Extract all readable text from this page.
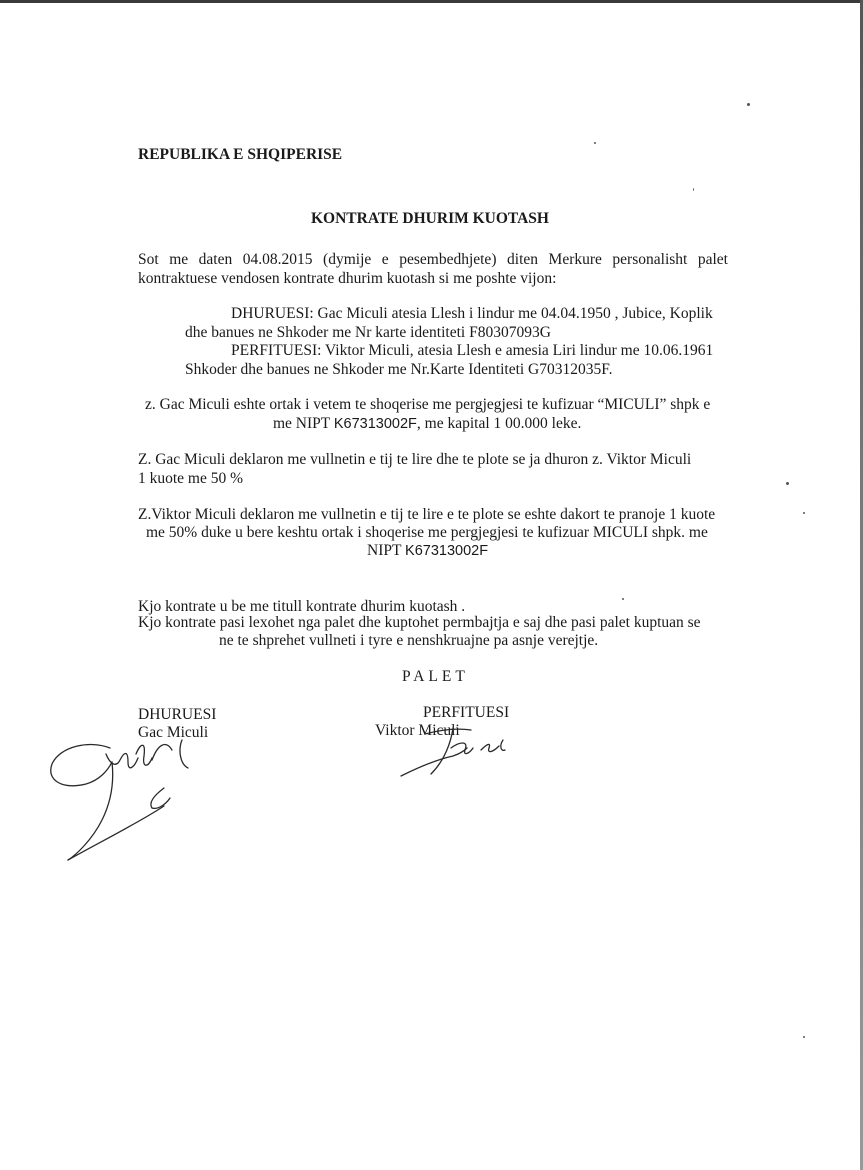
REPUBLIKA E SHQIPERISE
KONTRATE DHURIM KUOTASH
Sot me daten 04.08.2015 (dymije e pesembedhjete) diten Merkure personalisht palet
kontraktuese vendosen kontrate dhurim kuotash si me poshte vijon:
DHURUESI: Gac Miculi atesia Llesh i lindur me 04.04.1950 , Jubice, Koplik
dhe banues ne Shkoder me Nr karte identiteti F80307093G
PERFITUESI: Viktor Miculi, atesia Llesh e amesia Liri lindur me 10.06.1961
Shkoder dhe banues ne Shkoder me Nr.Karte Identiteti G70312035F.
z. Gac Miculi eshte ortak i vetem te shoqerise me pergjegjesi te kufizuar “MICULI” shpk e
me NIPT K67313002F, me kapital 1 00.000 leke.
Z. Gac Miculi deklaron me vullnetin e tij te lire dhe te plote se ja dhuron z. Viktor Miculi
1 kuote me 50 %
Z.Viktor Miculi deklaron me vullnetin e tij te lire e te plote se eshte dakort te pranoje 1 kuote
me 50% duke u bere keshtu ortak i shoqerise me pergjegjesi te kufizuar MICULI shpk. me
NIPT K67313002F
Kjo kontrate u be me titull kontrate dhurim kuotash .
Kjo kontrate pasi lexohet nga palet dhe kuptohet permbajtja e saj dhe pasi palet kuptuan se
ne te shprehet vullneti i tyre e nenshkruajne pa asnje verejtje.
PALET
DHURUESI
Gac Miculi
PERFITUESI
Viktor Miculi
